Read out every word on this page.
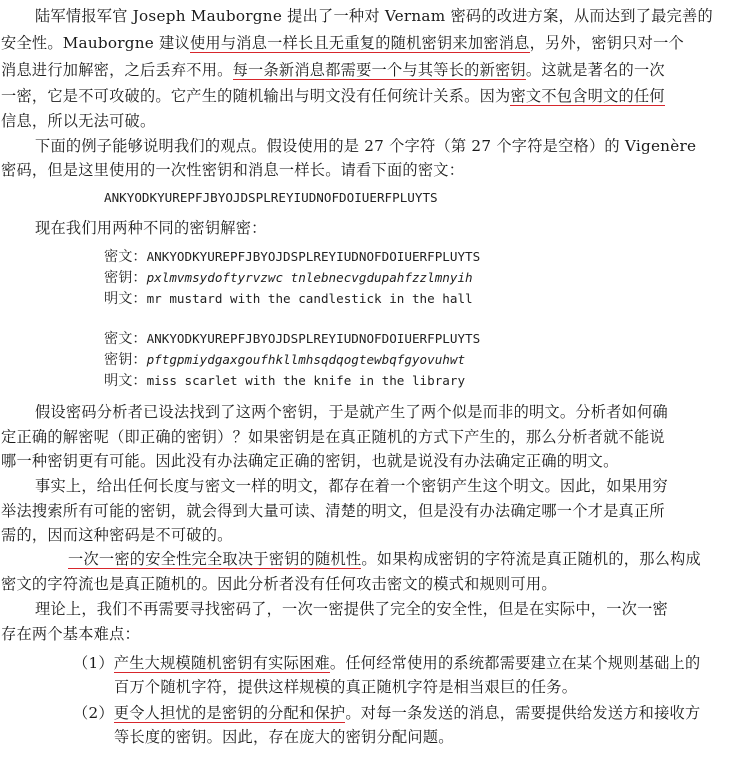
陆军情报军官 Joseph Mauborgne 提出了一种对 Vernam 密码的改进方案，从而达到了最完善的
安全性。Mauborgne 建议使用与消息一样长且无重复的随机密钥来加密消息，另外，密钥只对一个
消息进行加解密，之后丢弃不用。每一条新消息都需要一个与其等长的新密钥。这就是著名的一次
一密，它是不可攻破的。它产生的随机输出与明文没有任何统计关系。因为密文不包含明文的任何
信息，所以无法可破。
下面的例子能够说明我们的观点。假设使用的是 27 个字符（第 27 个字符是空格）的 Vigenère
密码，但是这里使用的一次性密钥和消息一样长。请看下面的密文：
ANKYODKYUREPFJBYOJDSPLREYIUDNOFDOIUERFPLUYTS
现在我们用两种不同的密钥解密：
密文：ANKYODKYUREPFJBYOJDSPLREYIUDNOFDOIUERFPLUYTS
密钥：pxlmvmsydoftyrvzwc tnlebnecvgdupahfzzlmnyih
明文：mr mustard with the candlestick in the hall
密文：ANKYODKYUREPFJBYOJDSPLREYIUDNOFDOIUERFPLUYTS
密钥：pftgpmiydgaxgoufhkllmhsqdqogtewbqfgyovuhwt
明文：miss scarlet with the knife in the library
假设密码分析者已设法找到了这两个密钥，于是就产生了两个似是而非的明文。分析者如何确
定正确的解密呢（即正确的密钥）？如果密钥是在真正随机的方式下产生的，那么分析者就不能说
哪一种密钥更有可能。因此没有办法确定正确的密钥，也就是说没有办法确定正确的明文。
事实上，给出任何长度与密文一样的明文，都存在着一个密钥产生这个明文。因此，如果用穷
举法搜索所有可能的密钥，就会得到大量可读、清楚的明文，但是没有办法确定哪一个才是真正所
需的，因而这种密码是不可破的。
一次一密的安全性完全取决于密钥的随机性。如果构成密钥的字符流是真正随机的，那么构成
密文的字符流也是真正随机的。因此分析者没有任何攻击密文的模式和规则可用。
理论上，我们不再需要寻找密码了，一次一密提供了完全的安全性，但是在实际中，一次一密
存在两个基本难点：
（1）产生大规模随机密钥有实际困难。任何经常使用的系统都需要建立在某个规则基础上的
百万个随机字符，提供这样规模的真正随机字符是相当艰巨的任务。
（2）更令人担忧的是密钥的分配和保护。对每一条发送的消息，需要提供给发送方和接收方
等长度的密钥。因此，存在庞大的密钥分配问题。
